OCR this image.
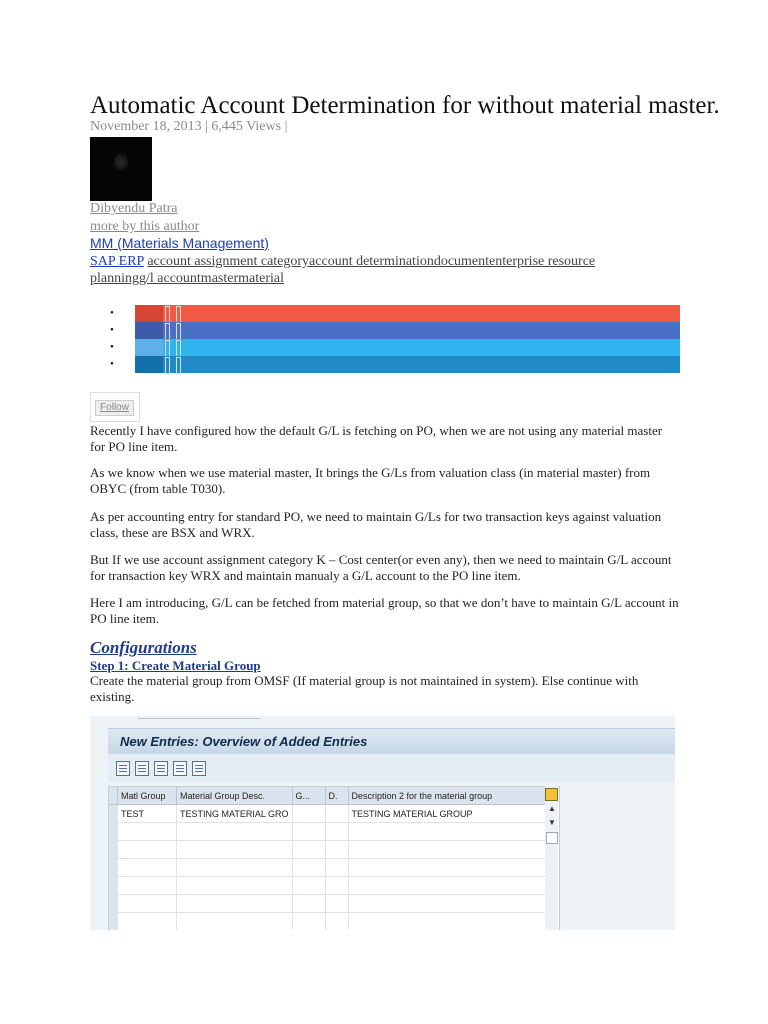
Automatic Account Determination for without material master.
November 18, 2013 | 6,445 Views |
Dibyendu Patra
more by this author
MM (Materials Management)
SAP ERP account assignment categoryaccount determinationdocumententerprise resource planningg/l accountmastermaterial
•
•
•
•
Follow

Recently I have configured how the default G/L is fetching on PO, when we are not using any material master for PO line item.

As we know when we use material master, It brings the G/Ls from valuation class (in material master) from OBYC (from table T030).

As per accounting entry for standard PO, we need to maintain G/Ls for two transaction keys against valuation class, these are BSX and WRX.

But If we use account assignment category K – Cost center(or even any), then we need to maintain G/L account for transaction key WRX and maintain manualy a G/L account to the PO line item.

Here I am introducing, G/L can be fetched from material group, so that we don’t have to maintain G/L account in PO line item.

Configurations
Step 1: Create Material Group

Create the material group from OMSF (If material group is not maintained in system). Else continue with existing.

New Entries: Overview of Added Entries
	Matl Group	Material Group Desc.	G...	D.	Description 2 for the material group
	TEST	TESTING MATERIAL GRO			TESTING MATERIAL GROUP

						▲
▼
